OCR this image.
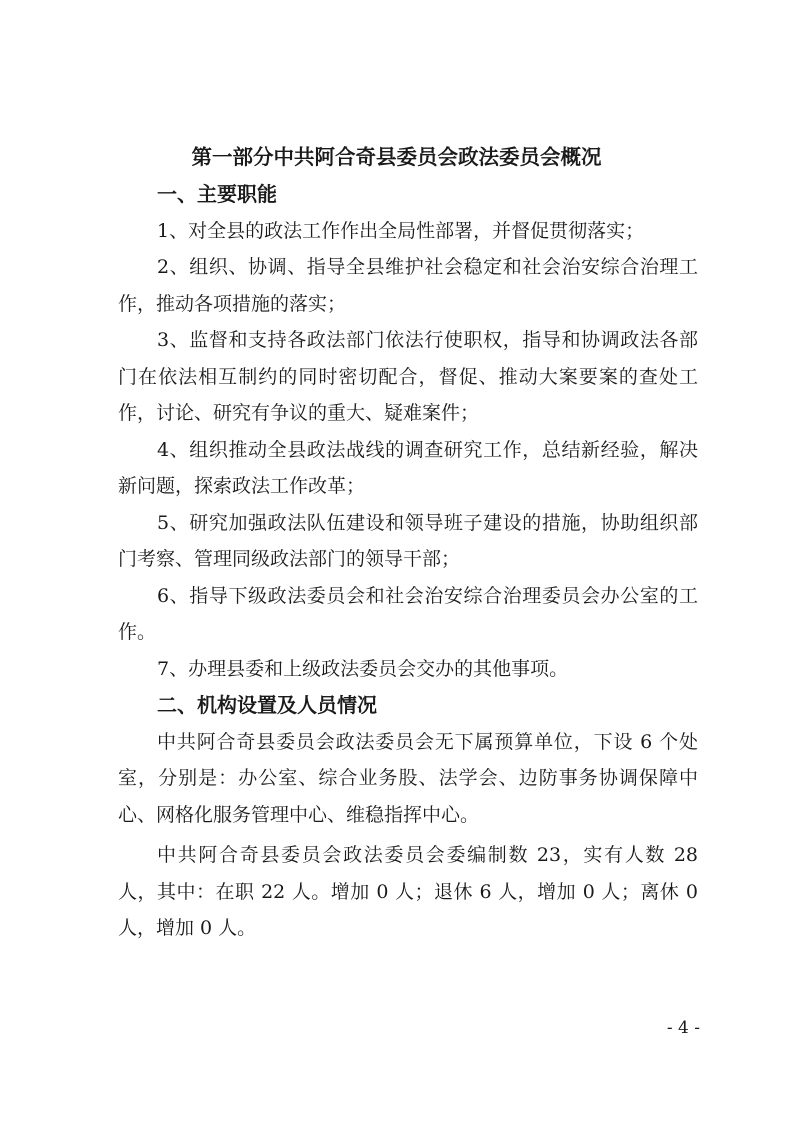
第一部分中共阿合奇县委员会政法委员会概况

一、主要职能

1、对全县的政法工作作出全局性部署，并督促贯彻落实；

2、组织、协调、指导全县维护社会稳定和社会治安综合治理工作，推动各项措施的落实；

3、监督和支持各政法部门依法行使职权，指导和协调政法各部门在依法相互制约的同时密切配合，督促、推动大案要案的查处工作，讨论、研究有争议的重大、疑难案件；

4、组织推动全县政法战线的调查研究工作，总结新经验，解决新问题，探索政法工作改革；

5、研究加强政法队伍建设和领导班子建设的措施，协助组织部门考察、管理同级政法部门的领导干部；

6、指导下级政法委员会和社会治安综合治理委员会办公室的工作。

7、办理县委和上级政法委员会交办的其他事项。

二、机构设置及人员情况

中共阿合奇县委员会政法委员会无下属预算单位，下设 6 个处室，分别是：办公室、综合业务股、法学会、边防事务协调保障中心、网格化服务管理中心、维稳指挥中心。

中共阿合奇县委员会政法委员会委编制数 23，实有人数 28 人，其中：在职 22 人。增加 0 人；退休 6 人，增加 0 人；离休 0 人，增加 0 人。

- 4 -
